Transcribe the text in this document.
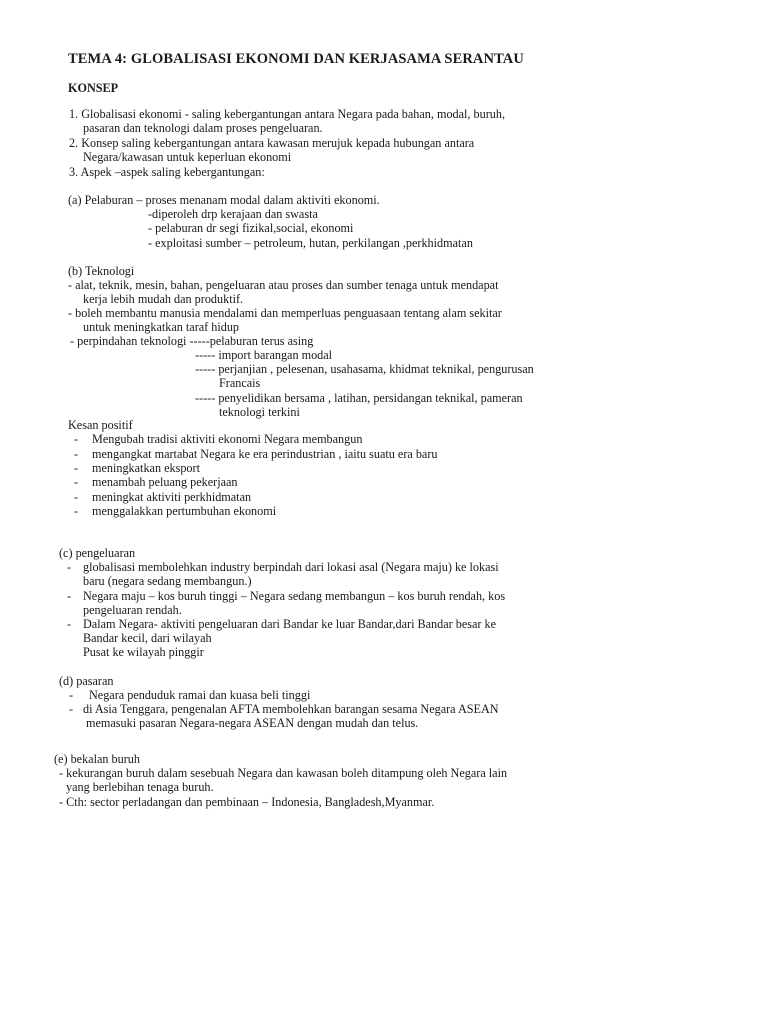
TEMA 4: GLOBALISASI EKONOMI DAN KERJASAMA SERANTAU
KONSEP
1. Globalisasi ekonomi - saling kebergantungan antara Negara pada bahan, modal, buruh,
pasaran dan teknologi dalam proses pengeluaran.
2. Konsep saling kebergantungan antara kawasan merujuk kepada hubungan antara
Negara/kawasan untuk keperluan ekonomi
3. Aspek –aspek saling kebergantungan:
(a) Pelaburan – proses menanam modal dalam aktiviti ekonomi.
-diperoleh drp kerajaan dan swasta
- pelaburan dr segi fizikal,social, ekonomi
- exploitasi sumber – petroleum, hutan, perkilangan ,perkhidmatan
(b) Teknologi
- alat, teknik, mesin, bahan, pengeluaran atau proses dan sumber tenaga untuk mendapat
kerja lebih mudah dan produktif.
- boleh membantu manusia mendalami dan memperluas penguasaan tentang alam sekitar
untuk meningkatkan taraf hidup
- perpindahan teknologi -----pelaburan terus asing
----- import barangan modal
----- perjanjian , pelesenan, usahasama, khidmat teknikal, pengurusan
Francais
----- penyelidikan bersama , latihan, persidangan teknikal, pameran
teknologi terkini
Kesan positif
- Mengubah tradisi aktiviti ekonomi Negara membangun
- mengangkat martabat Negara ke era perindustrian , iaitu suatu era baru
- meningkatkan eksport
- menambah peluang pekerjaan
- meningkat aktiviti perkhidmatan
- menggalakkan pertumbuhan ekonomi
(c) pengeluaran
- globalisasi membolehkan industry berpindah dari lokasi asal (Negara maju) ke lokasi
baru (negara sedang membangun.)
- Negara maju – kos buruh tinggi – Negara sedang membangun – kos buruh rendah, kos
pengeluaran rendah.
- Dalam Negara- aktiviti pengeluaran dari Bandar ke luar Bandar,dari Bandar besar ke
Bandar kecil, dari wilayah
Pusat ke wilayah pinggir
(d) pasaran
- Negara penduduk ramai dan kuasa beli tinggi
- di Asia Tenggara, pengenalan AFTA membolehkan barangan sesama Negara ASEAN
memasuki pasaran Negara-negara ASEAN dengan mudah dan telus.
(e) bekalan buruh
- kekurangan buruh dalam sesebuah Negara dan kawasan boleh ditampung oleh Negara lain
yang berlebihan tenaga buruh.
- Cth: sector perladangan dan pembinaan – Indonesia, Bangladesh,Myanmar.
